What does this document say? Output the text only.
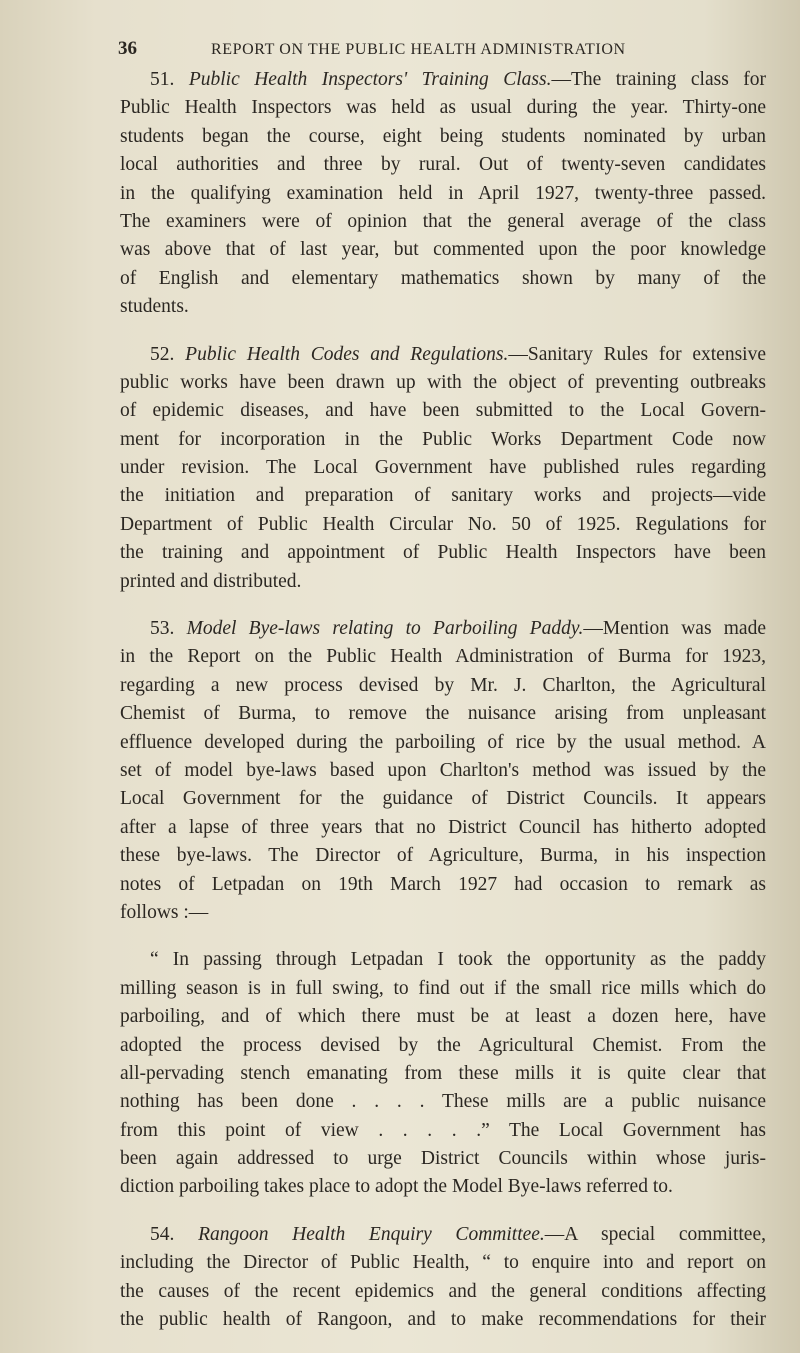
36	REPORT ON THE PUBLIC HEALTH ADMINISTRATION
51. Public Health Inspectors' Training Class.—The training class for
Public Health Inspectors was held as usual during the year. Thirty-one
students began the course, eight being students nominated by urban
local authorities and three by rural. Out of twenty-seven candidates
in the qualifying examination held in April 1927, twenty-three passed.
The examiners were of opinion that the general average of the class
was above that of last year, but commented upon the poor knowledge
of English and elementary mathematics shown by many of the
students.
52. Public Health Codes and Regulations.—Sanitary Rules for extensive
public works have been drawn up with the object of preventing outbreaks
of epidemic diseases, and have been submitted to the Local Govern-
ment for incorporation in the Public Works Department Code now
under revision. The Local Government have published rules regarding
the initiation and preparation of sanitary works and projects—vide
Department of Public Health Circular No. 50 of 1925. Regulations for
the training and appointment of Public Health Inspectors have been
printed and distributed.
53. Model Bye-laws relating to Parboiling Paddy.—Mention was made
in the Report on the Public Health Administration of Burma for 1923,
regarding a new process devised by Mr. J. Charlton, the Agricultural
Chemist of Burma, to remove the nuisance arising from unpleasant
effluence developed during the parboiling of rice by the usual method. A
set of model bye-laws based upon Charlton's method was issued by the
Local Government for the guidance of District Councils. It appears
after a lapse of three years that no District Council has hitherto adopted
these bye-laws. The Director of Agriculture, Burma, in his inspection
notes of Letpadan on 19th March 1927 had occasion to remark as
follows :—
“ In passing through Letpadan I took the opportunity as the paddy
milling season is in full swing, to find out if the small rice mills which do
parboiling, and of which there must be at least a dozen here, have
adopted the process devised by the Agricultural Chemist. From the
all-pervading stench emanating from these mills it is quite clear that
nothing has been done . . . . These mills are a public nuisance
from this point of view . . . . .” The Local Government has
been again addressed to urge District Councils within whose juris-
diction parboiling takes place to adopt the Model Bye-laws referred to.
54. Rangoon Health Enquiry Committee.—A special committee,
including the Director of Public Health, “ to enquire into and report on
the causes of the recent epidemics and the general conditions affecting
the public health of Rangoon, and to make recommendations for their
